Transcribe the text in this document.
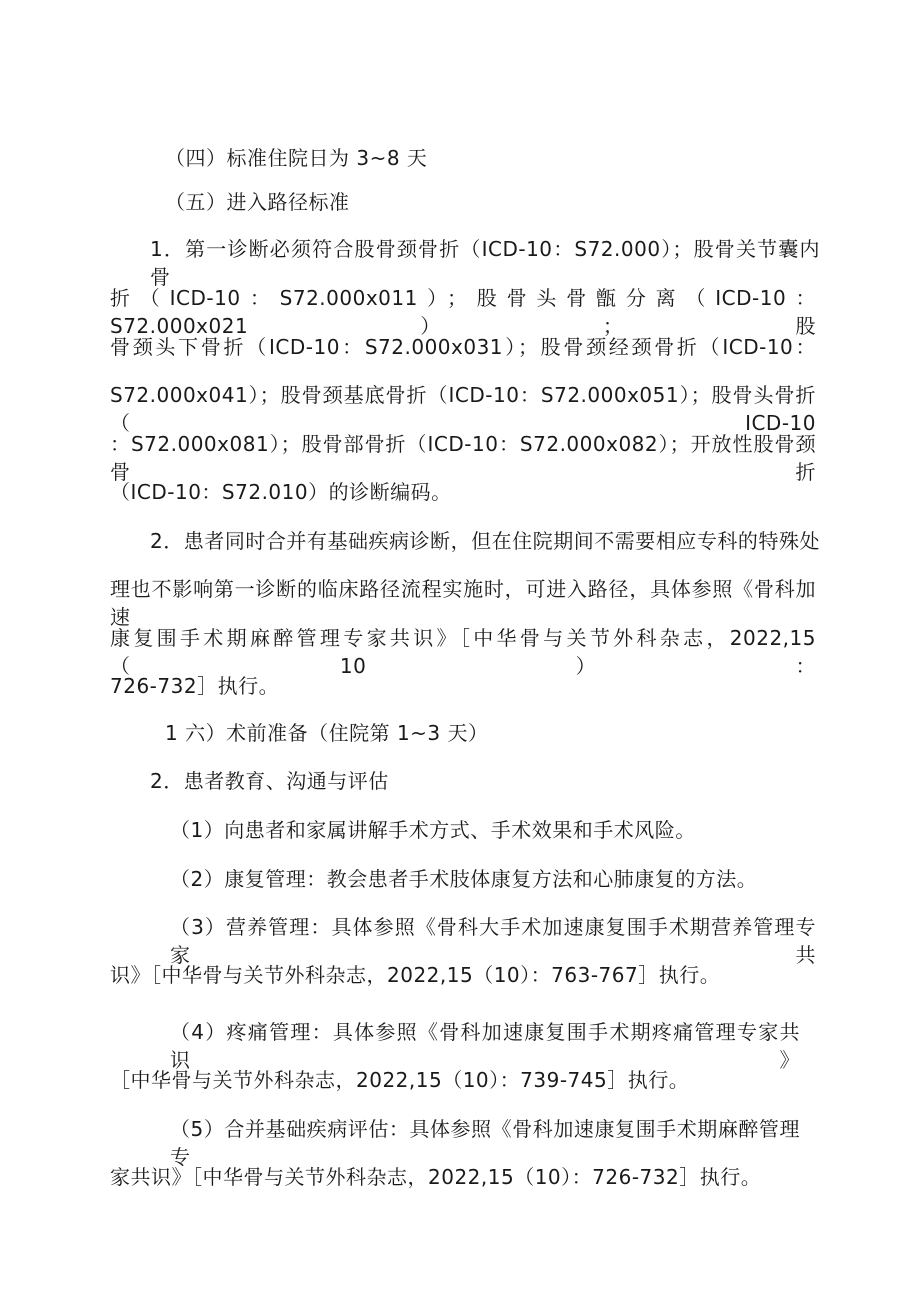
（四）标准住院日为 3~8 天
（五）进入路径标准
1．第一诊断必须符合股骨颈骨折（ICD-10：S72.000）；股骨关节囊内骨
折（ICD-10：S72.000x011）；股骨头骨甑分离（ICD-10：S72.000x021）；股
骨颈头下骨折（ICD-10：S72.000x031）；股骨颈经颈骨折（ICD-10：
S72.000x041）；股骨颈基底骨折（ICD-10：S72.000x051）；股骨头骨折（ICD-10
：S72.000x081）；股骨部骨折（ICD-10：S72.000x082）；开放性股骨颈骨折
（ICD-10：S72.010）的诊断编码。
2．患者同时合并有基础疾病诊断，但在住院期间不需要相应专科的特殊处
理也不影响第一诊断的临床路径流程实施时，可进入路径，具体参照《骨科加速
康复围手术期麻醉管理专家共识》［中华骨与关节外科杂志，2022,15（10）：
726-732］执行。
1 六）术前准备（住院第 1~3 天）
2．患者教育、沟通与评估
（1）向患者和家属讲解手术方式、手术效果和手术风险。
（2）康复管理：教会患者手术肢体康复方法和心肺康复的方法。
（3）营养管理：具体参照《骨科大手术加速康复围手术期营养管理专家共
识》［中华骨与关节外科杂志，2022,15（10）：763-767］执行。
（4）疼痛管理：具体参照《骨科加速康复围手术期疼痛管理专家共识》
［中华骨与关节外科杂志，2022,15（10）：739-745］执行。
（5）合并基础疾病评估：具体参照《骨科加速康复围手术期麻醉管理专
家共识》［中华骨与关节外科杂志，2022,15（10）：726-732］执行。
